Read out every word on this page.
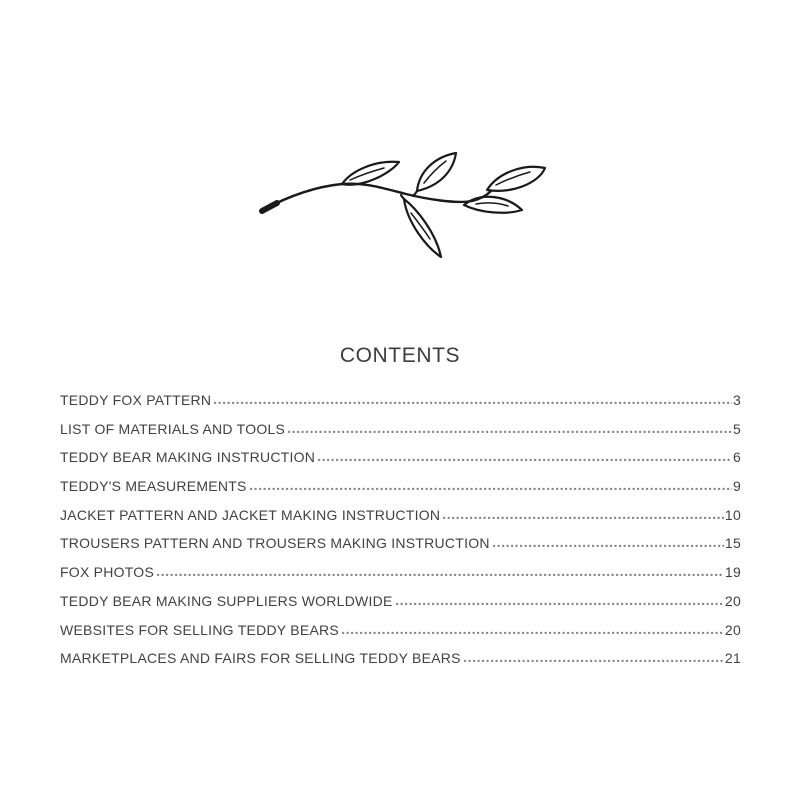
CONTENTS
TEDDY FOX PATTERN	3
LIST OF MATERIALS AND TOOLS	5
TEDDY BEAR MAKING INSTRUCTION	6
TEDDY'S MEASUREMENTS	9
JACKET PATTERN AND JACKET MAKING INSTRUCTION	10
TROUSERS PATTERN AND TROUSERS MAKING INSTRUCTION	15
FOX PHOTOS	19
TEDDY BEAR MAKING SUPPLIERS WORLDWIDE	20
WEBSITES FOR SELLING TEDDY BEARS	20
MARKETPLACES AND FAIRS FOR SELLING TEDDY BEARS	21
